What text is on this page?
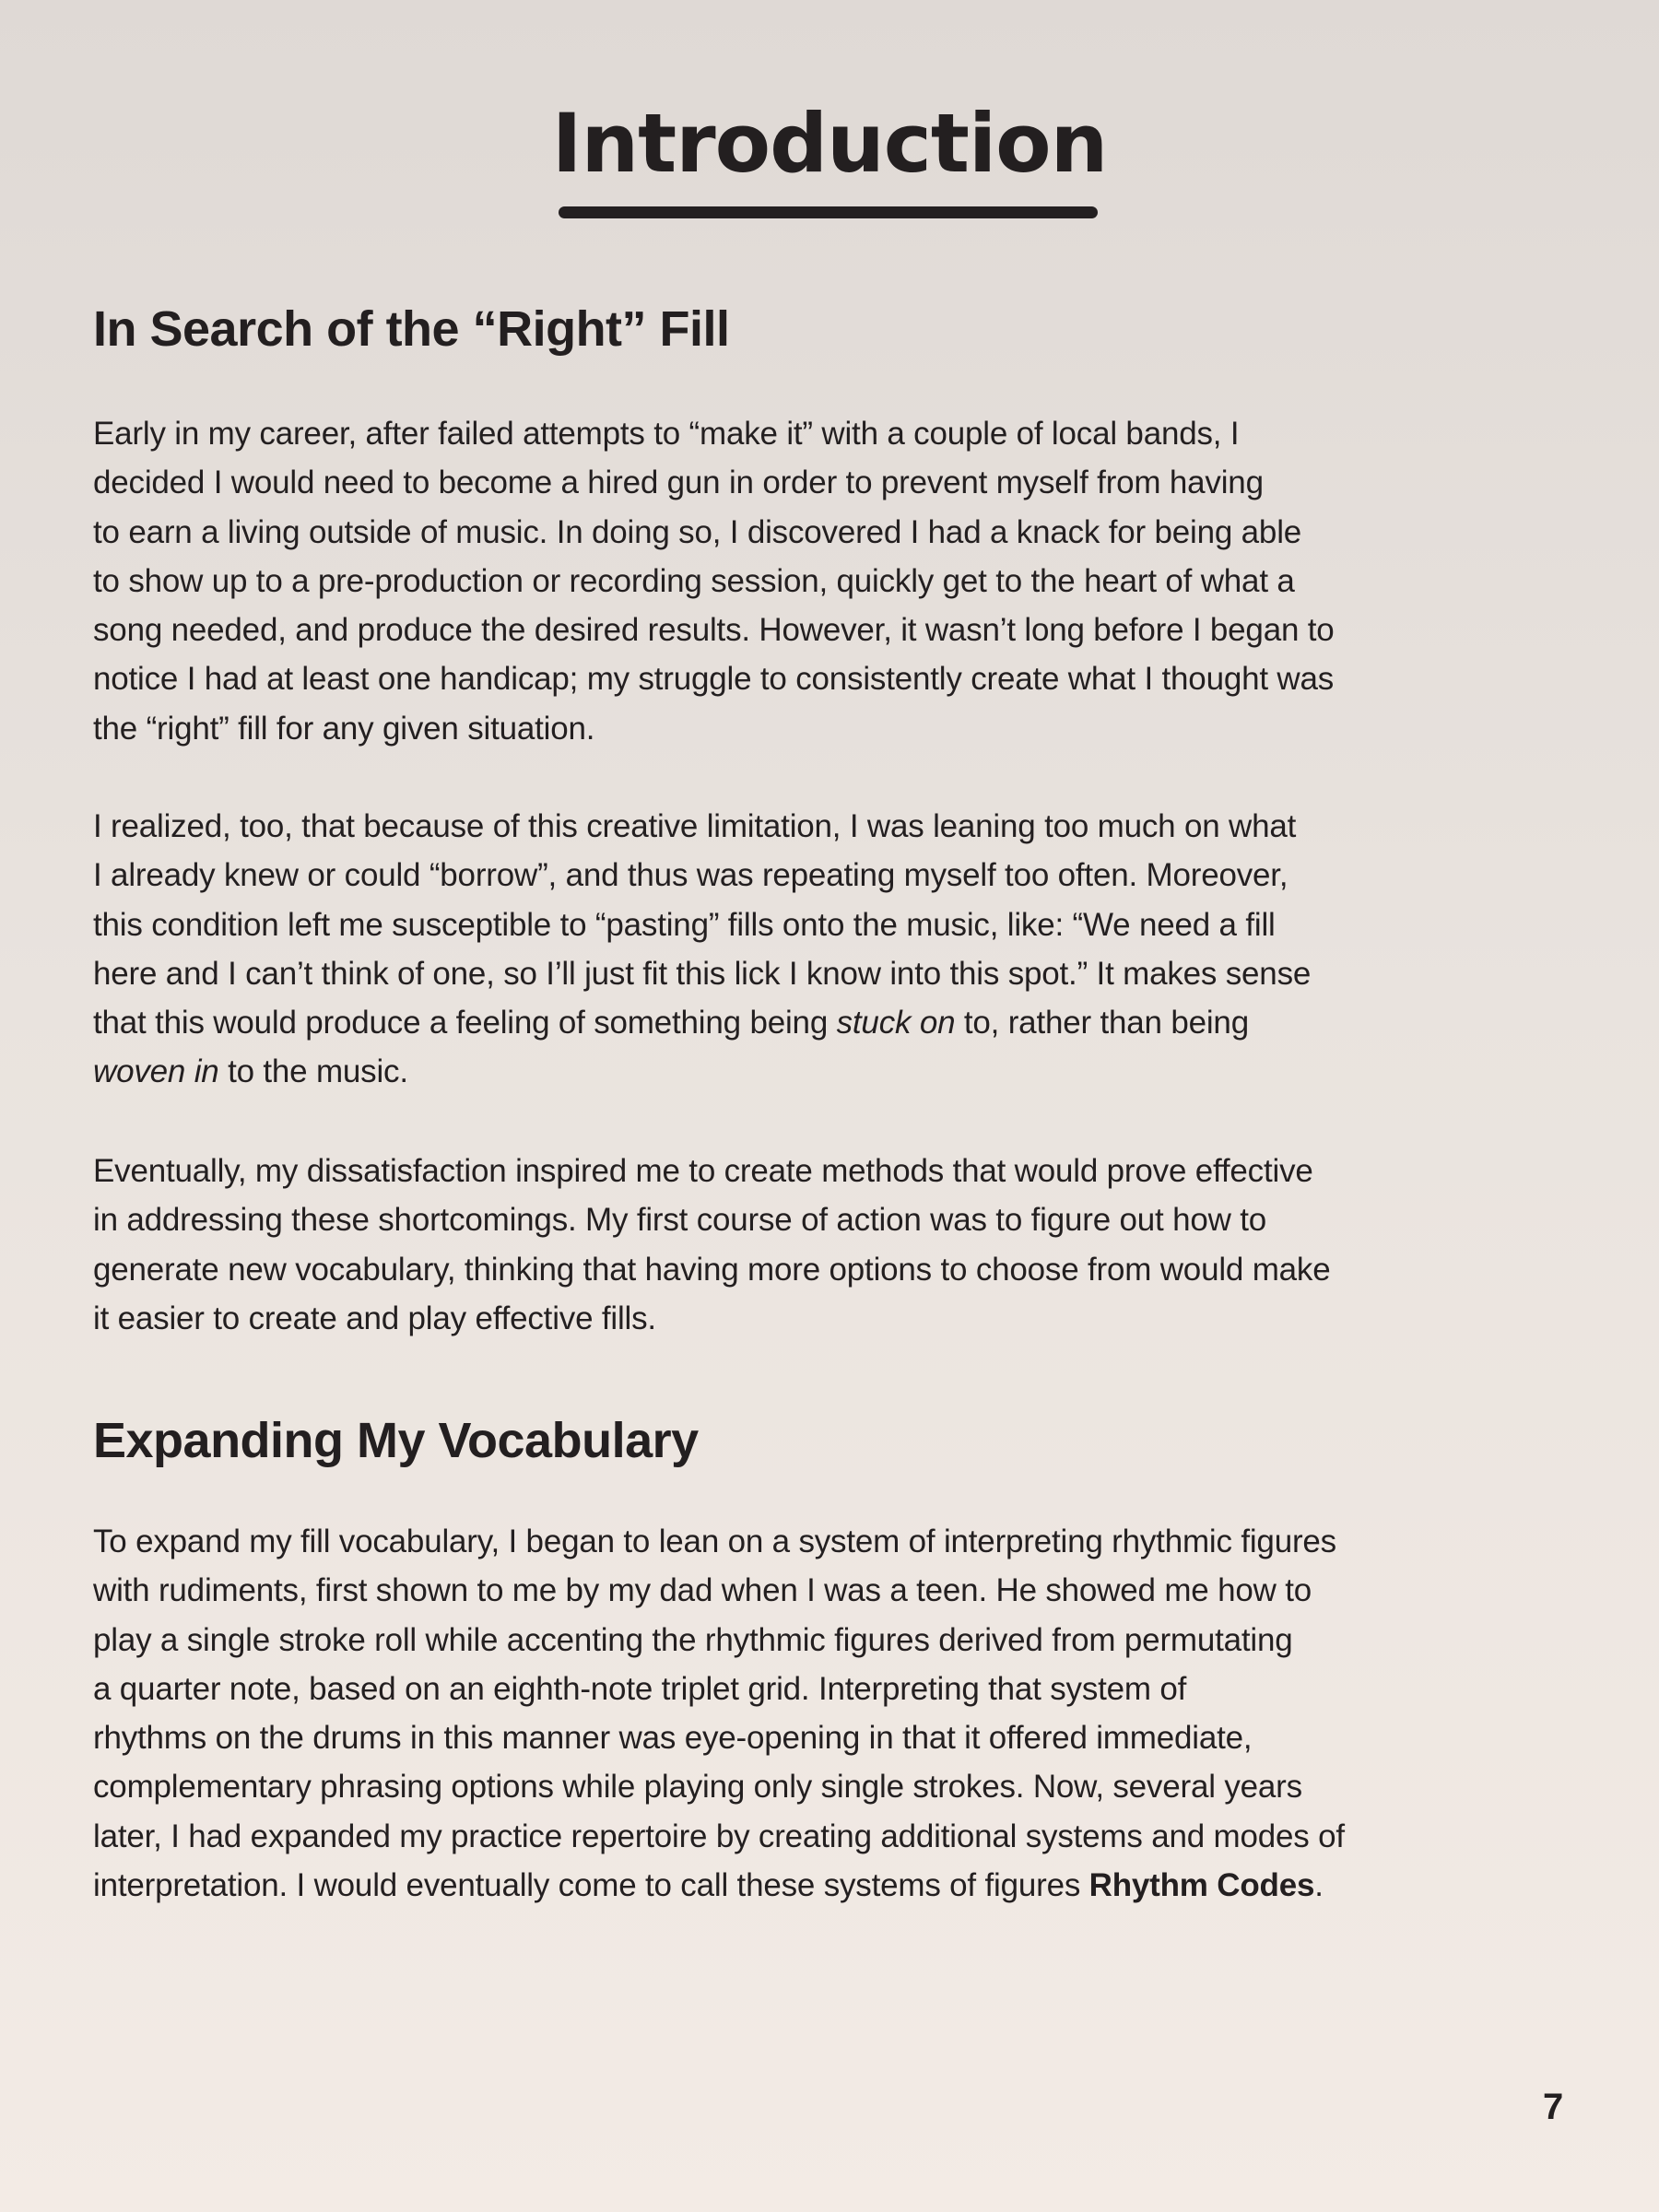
Introduction
In Search of the “Right” Fill
Early in my career, after failed attempts to “make it” with a couple of local bands, I
decided I would need to become a hired gun in order to prevent myself from having
to earn a living outside of music. In doing so, I discovered I had a knack for being able
to show up to a pre-production or recording session, quickly get to the heart of what a
song needed, and produce the desired results. However, it wasn’t long before I began to
notice I had at least one handicap; my struggle to consistently create what I thought was
the “right” fill for any given situation.
I realized, too, that because of this creative limitation, I was leaning too much on what
I already knew or could “borrow”, and thus was repeating myself too often. Moreover,
this condition left me susceptible to “pasting” fills onto the music, like: “We need a fill
here and I can’t think of one, so I’ll just fit this lick I know into this spot.” It makes sense
that this would produce a feeling of something being stuck on to, rather than being
woven in to the music.
Eventually, my dissatisfaction inspired me to create methods that would prove effective
in addressing these shortcomings. My first course of action was to figure out how to
generate new vocabulary, thinking that having more options to choose from would make
it easier to create and play effective fills.
Expanding My Vocabulary
To expand my fill vocabulary, I began to lean on a system of interpreting rhythmic figures
with rudiments, first shown to me by my dad when I was a teen. He showed me how to
play a single stroke roll while accenting the rhythmic figures derived from permutating
a quarter note, based on an eighth-note triplet grid. Interpreting that system of
rhythms on the drums in this manner was eye-opening in that it offered immediate,
complementary phrasing options while playing only single strokes. Now, several years
later, I had expanded my practice repertoire by creating additional systems and modes of
interpretation. I would eventually come to call these systems of figures Rhythm Codes.
7
